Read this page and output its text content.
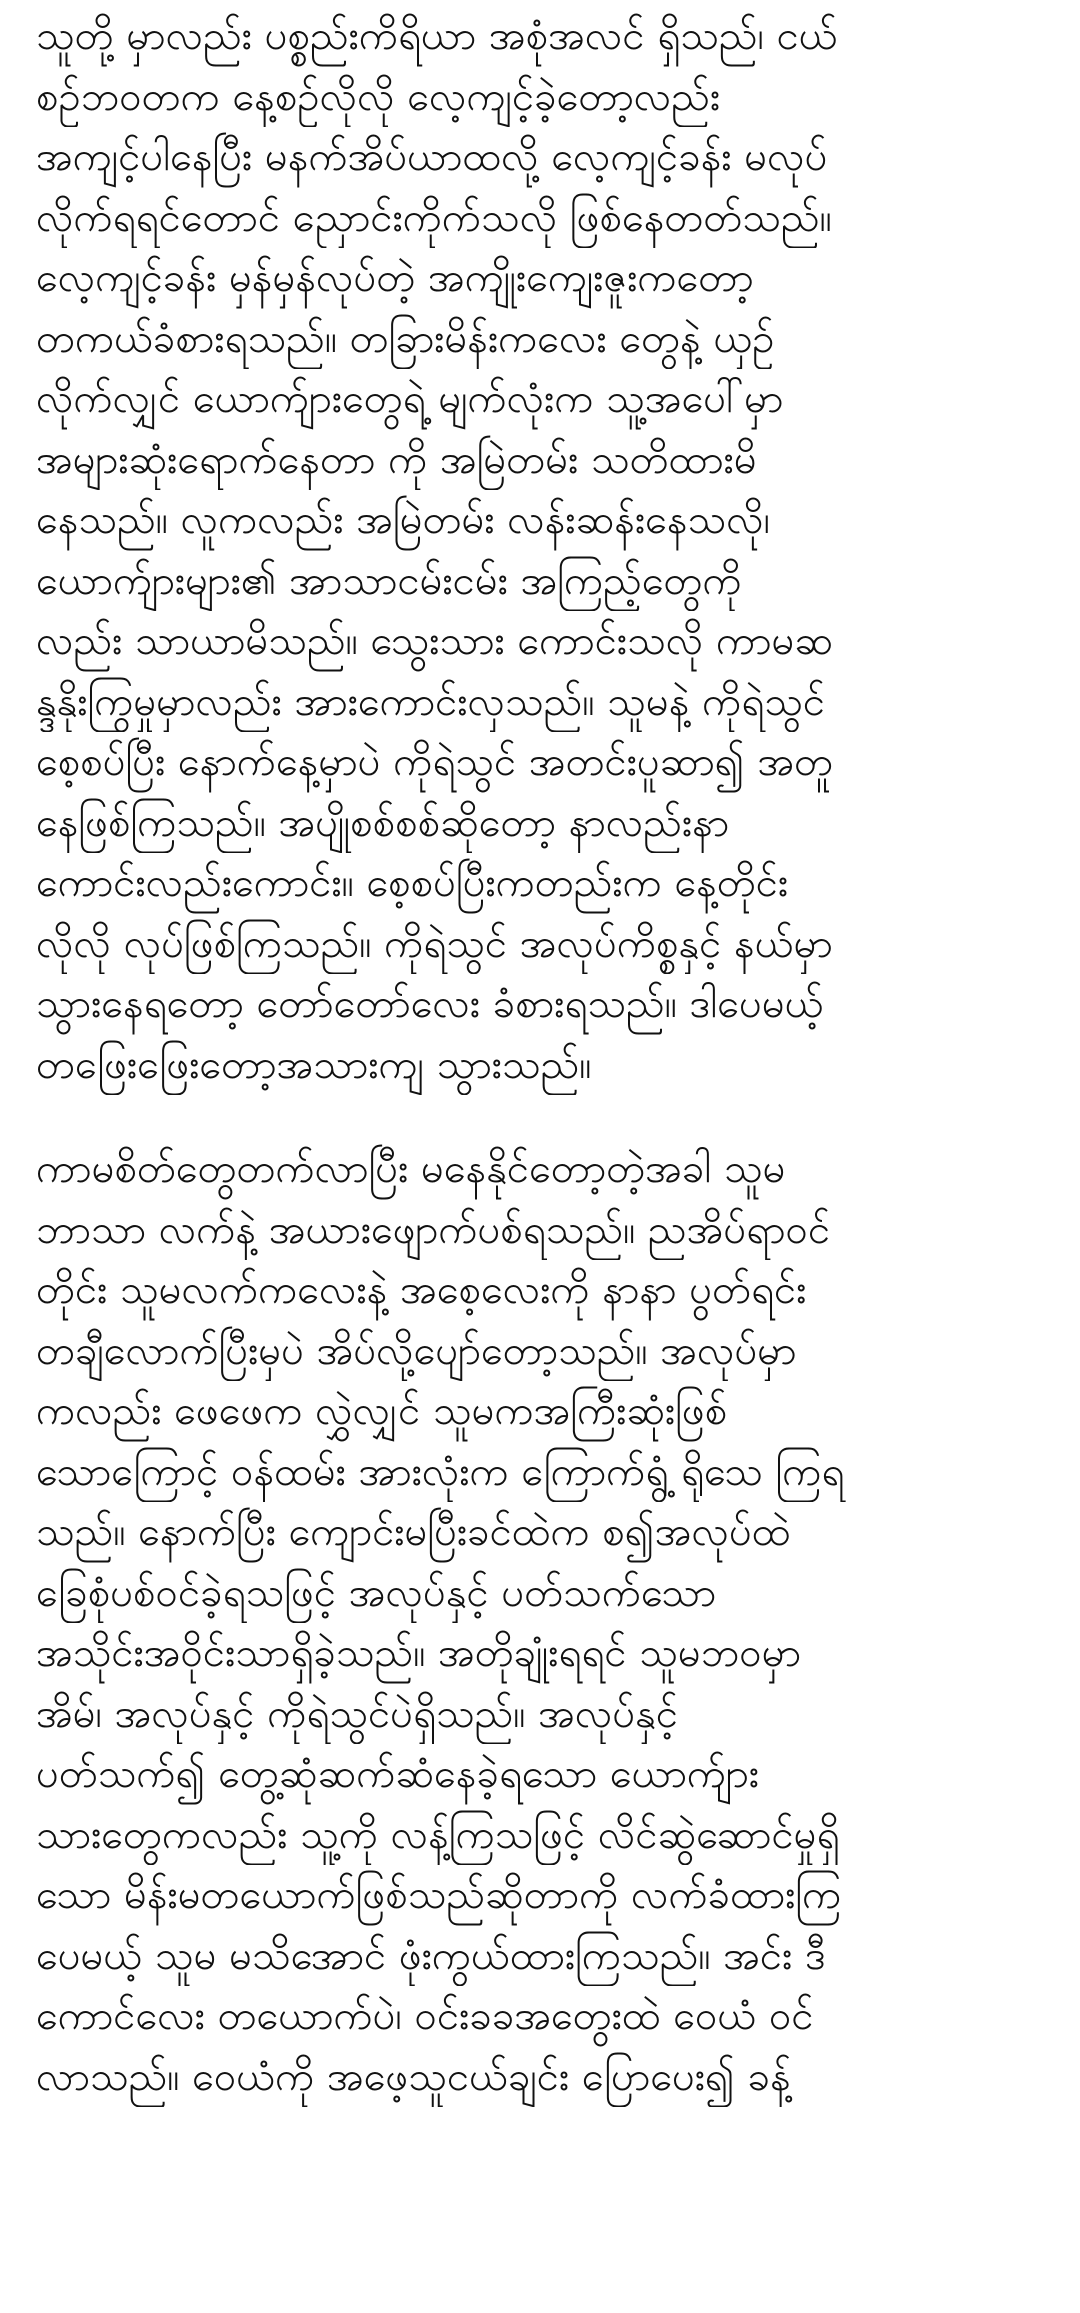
သူတို့ မှာလည်း ပစ္စည်းကိရိယာ အစုံအလင် ရှိသည်၊ ငယ်
စဉ်ဘဝတက နေ့စဉ်လိုလို လေ့ကျင့်ခဲ့တော့လည်း
အကျင့်ပါနေပြီး မနက်အိပ်ယာထလို့ လေ့ကျင့်ခန်း မလုပ်
လိုက်ရရင်တောင် ညှောင်းကိုက်သလို ဖြစ်နေတတ်သည်။
လေ့ကျင့်ခန်း မှန်မှန်လုပ်တဲ့ အကျိုးကျေးဇူးကတော့
တကယ်ခံစားရသည်။ တခြားမိန်းကလေး တွေနဲ့ ယှဉ်
လိုက်လျှင် ယောက်ျားတွေရဲ့ မျက်လုံးက သူ့အပေါ်မှာ
အများဆုံးရောက်နေတာ ကို အမြဲတမ်း သတိထားမိ
နေသည်။ လူကလည်း အမြဲတမ်း လန်းဆန်းနေသလို၊
ယောက်ျားများ၏ အာသာငမ်းငမ်း အကြည့်တွေကို
လည်း သာယာမိသည်။ သွေးသား ကောင်းသလို ကာမဆ
န္ဒနိုးကြွမှုမှာလည်း အားကောင်းလှသည်။ သူမနဲ့ ကိုရဲသွင်
စေ့စပ်ပြီး နောက်နေ့မှာပဲ ကိုရဲသွင် အတင်းပူဆာ၍ အတူ
နေဖြစ်ကြသည်။ အပျိုစစ်စစ်ဆိုတော့ နာလည်းနာ
ကောင်းလည်းကောင်း။ စေ့စပ်ပြီးကတည်းက နေ့တိုင်း
လိုလို လုပ်ဖြစ်ကြသည်။ ကိုရဲသွင် အလုပ်ကိစ္စနှင့် နယ်မှာ
သွားနေရတော့ တော်တော်လေး ခံစားရသည်။ ဒါပေမယ့်
တဖြေးဖြေးတော့အသားကျ သွားသည်။
ကာမစိတ်တွေတက်လာပြီး မနေနိုင်တော့တဲ့အခါ သူမ
ဘာသာ လက်နဲ့ အယားဖျောက်ပစ်ရသည်။ ညအိပ်ရာဝင်
တိုင်း သူမလက်ကလေးနဲ့ အစေ့လေးကို နာနာ ပွတ်ရင်း
တချီလောက်ပြီးမှပဲ အိပ်လို့ပျော်တော့သည်။ အလုပ်မှာ
ကလည်း ဖေဖေက လွှဲလျှင် သူမကအကြီးဆုံးဖြစ်
သောကြောင့် ဝန်ထမ်း အားလုံးက ကြောက်ရွံ့ ရိုသေ ကြရ
သည်။ နောက်ပြီး ကျောင်းမပြီးခင်ထဲက စ၍အလုပ်ထဲ
ခြေစုံပစ်ဝင်ခဲ့ရသဖြင့် အလုပ်နှင့် ပတ်သက်သော
အသိုင်းအဝိုင်းသာရှိခဲ့သည်။ အတိုချုံးရရင် သူမဘဝမှာ
အိမ်၊ အလုပ်နှင့် ကိုရဲသွင်ပဲရှိသည်။ အလုပ်နှင့်
ပတ်သက်၍ တွေ့ဆုံဆက်ဆံနေခဲ့ရသော ယောက်ျား
သားတွေကလည်း သူ့ကို လန့်ကြသဖြင့် လိင်ဆွဲဆောင်မှုရှိ
သော မိန်းမတယောက်ဖြစ်သည်ဆိုတာကို လက်ခံထားကြ
ပေမယ့် သူမ မသိအောင် ဖုံးကွယ်ထားကြသည်။ အင်း ဒီ
ကောင်လေး တယောက်ပဲ၊ ဝင်းခခအတွေးထဲ ဝေယံ ဝင်
လာသည်။ ဝေယံကို အဖေ့သူငယ်ချင်း ပြောပေး၍ ခန့်
